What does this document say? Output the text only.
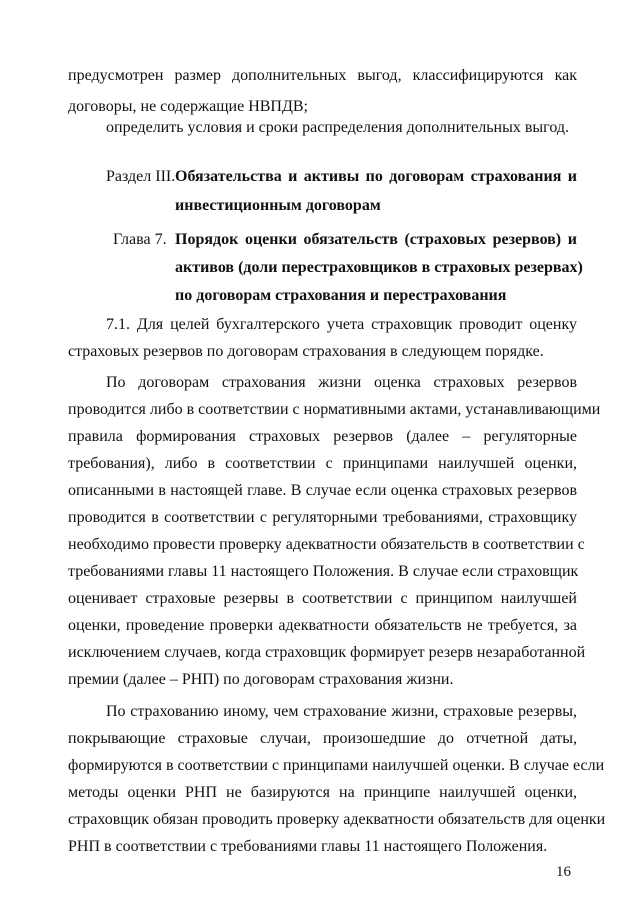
предусмотрен размер дополнительных выгод, классифицируются как
договоры, не содержащие НВПДВ;
определить условия и сроки распределения дополнительных выгод.
Раздел III. Обязательства и активы по договорам страхования и
инвестиционным договорам
Глава 7. Порядок оценки обязательств (страховых резервов) и
активов (доли перестраховщиков в страховых резервах)
по договорам страхования и перестрахования
7.1. Для целей бухгалтерского учета страховщик проводит оценку
страховых резервов по договорам страхования в следующем порядке.
По договорам страхования жизни оценка страховых резервов
проводится либо в соответствии с нормативными актами, устанавливающими
правила формирования страховых резервов (далее – регуляторные
требования), либо в соответствии с принципами наилучшей оценки,
описанными в настоящей главе. В случае если оценка страховых резервов
проводится в соответствии с регуляторными требованиями, страховщику
необходимо провести проверку адекватности обязательств в соответствии с
требованиями главы 11 настоящего Положения. В случае если страховщик
оценивает страховые резервы в соответствии с принципом наилучшей
оценки, проведение проверки адекватности обязательств не требуется, за
исключением случаев, когда страховщик формирует резерв незаработанной
премии (далее – РНП) по договорам страхования жизни.
По страхованию иному, чем страхование жизни, страховые резервы,
покрывающие страховые случаи, произошедшие до отчетной даты,
формируются в соответствии с принципами наилучшей оценки. В случае если
методы оценки РНП не базируются на принципе наилучшей оценки,
страховщик обязан проводить проверку адекватности обязательств для оценки
РНП в соответствии с требованиями главы 11 настоящего Положения.
16
